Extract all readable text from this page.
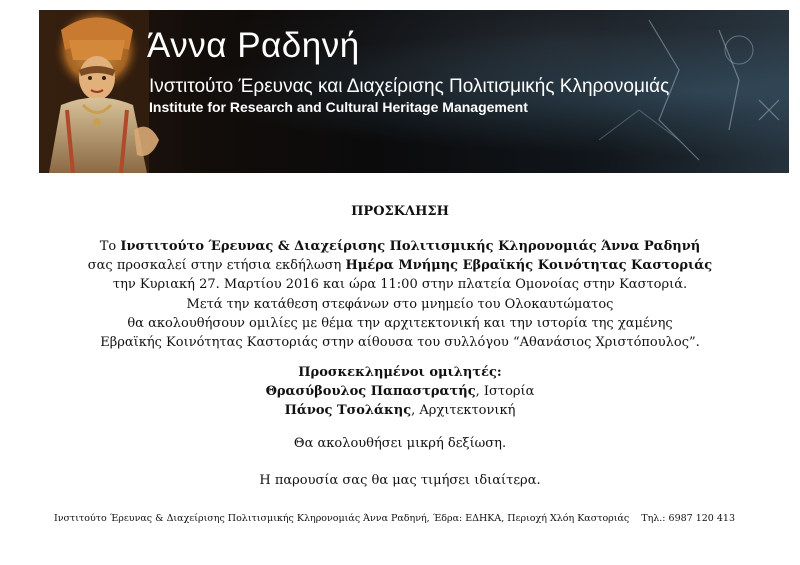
Άννα Ραδηνή
Ινστιτούτο Έρευνας και Διαχείρισης Πολιτισμικής Κληρονομιάς
Institute for Research and Cultural Heritage Management
ΠΡΟΣΚΛΗΣΗ

Το Ινστιτούτο Έρευνας & Διαχείρισης Πολιτισμικής Κληρονομιάς Άννα Ραδηνή

σας προσκαλεί στην ετήσια εκδήλωση Ημέρα Μνήμης Εβραϊκής Κοινότητας Καστοριάς

την Κυριακή 27. Μαρτίου 2016 και ώρα 11:00 στην πλατεία Ομονοίας στην Καστοριά.

Μετά την κατάθεση στεφάνων στο μνημείο του Ολοκαυτώματος

θα ακολουθήσουν ομιλίες με θέμα την αρχιτεκτονική και την ιστορία της χαμένης

Εβραϊκής Κοινότητας Καστοριάς στην αίθουσα του συλλόγου “Αθανάσιος Χριστόπουλος”.

Προσκεκλημένοι ομιλητές:

Θρασύβουλος Παπαστρατής, Ιστορία

Πάνος Τσολάκης, Αρχιτεκτονική

Θα ακολουθήσει μικρή δεξίωση.

Η παρουσία σας θα μας τιμήσει ιδιαίτερα.

Ινστιτούτο Έρευνας & Διαχείρισης Πολιτισμικής Κληρονομιάς Άννα Ραδηνή, Έδρα: ΕΔΗΚΑ, Περιοχή Χλόη Καστοριάς Τηλ.: 6987 120 413
